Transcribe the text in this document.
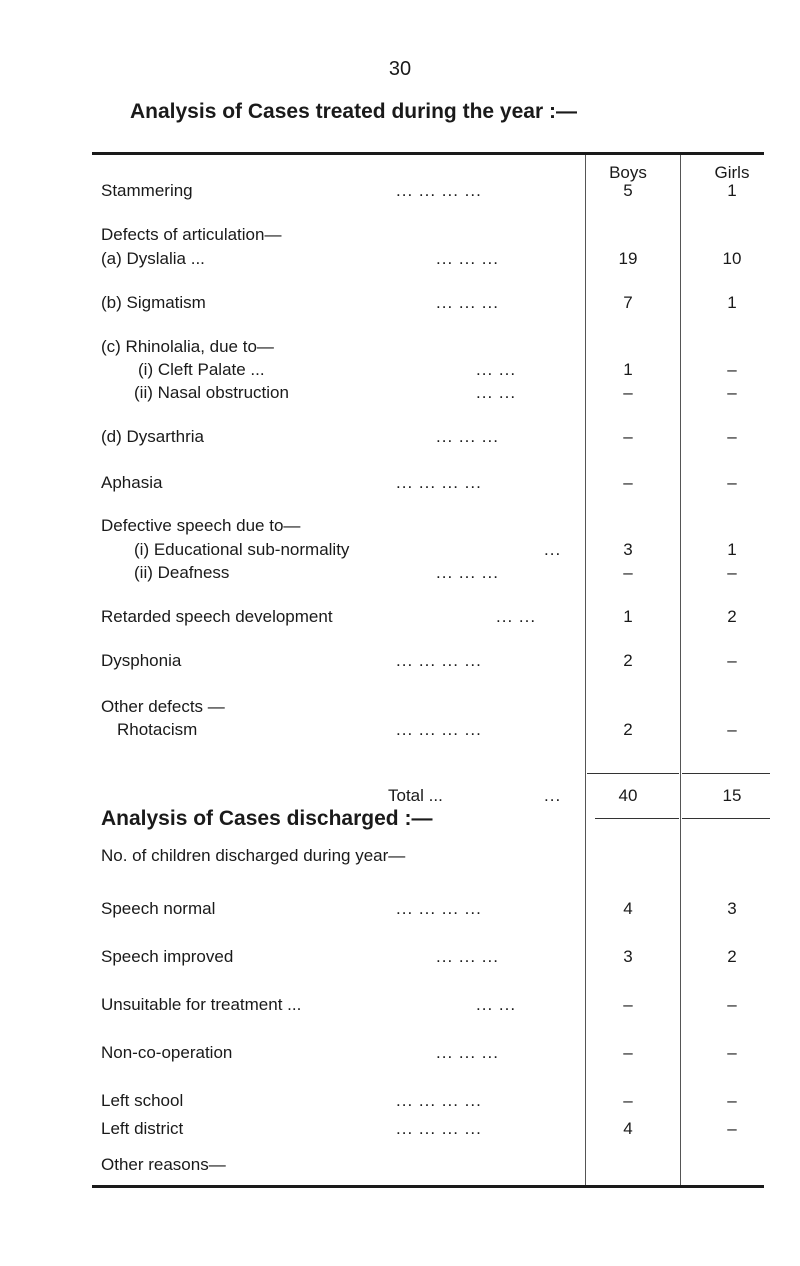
30
Analysis of Cases treated during the year :—
Boys	Girls
Stammering	... ... ... ...	5	1
Defects of articulation—
(a) Dyslalia ...	... ... ...	19	10
(b) Sigmatism	... ... ...	7	1
(c) Rhinolalia, due to—
(i) Cleft Palate ...	... ...	1	–
(ii) Nasal obstruction	... ...	–	–
(d) Dysarthria	... ... ...	–	–
Aphasia	... ... ... ...	–	–
Defective speech due to—
(i) Educational sub-normality	...	3	1
(ii) Deafness	... ... ...	–	–
Retarded speech development	... ...	1	2
Dysphonia	... ... ... ...	2	–
Other defects —
Rhotacism	... ... ... ...	2	–
Total ...	...	40	15
Analysis of Cases discharged :—
No. of children discharged during year—
Speech normal	... ... ... ...	4	3
Speech improved	... ... ...	3	2
Unsuitable for treatment ...	... ...	–	–
Non-co-operation	... ... ...	–	–
Left school	... ... ... ...	–	–
Left district	... ... ... ...	4	–
Other reasons—
